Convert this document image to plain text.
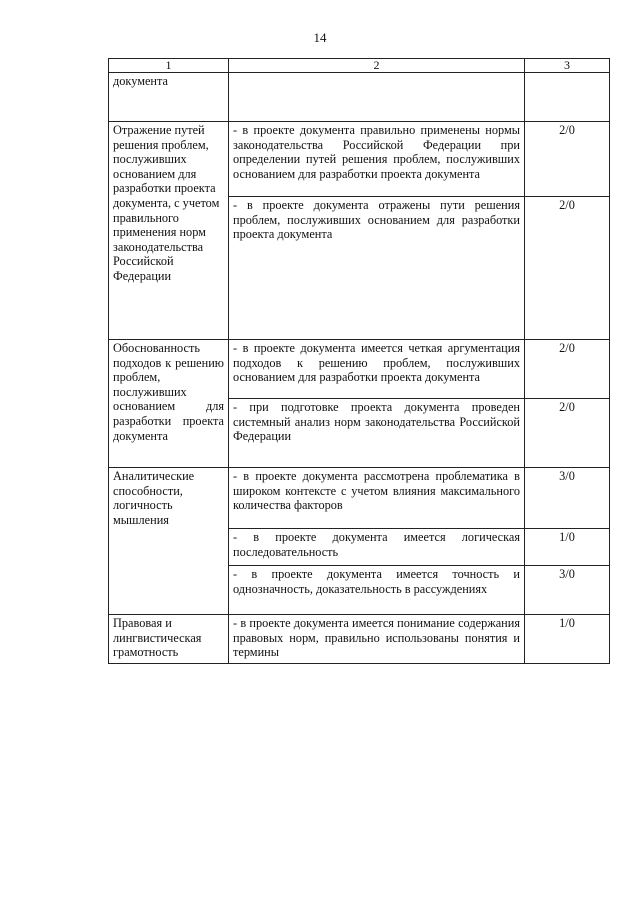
14
1	2	3
документа		
Отражение путей решения проблем, послуживших основанием для разработки проекта документа, с учетом правильного применения норм законодательства Российской Федерации	- в проекте документа правильно применены нормы законодательства Российской Федерации при определении путей решения проблем, послуживших основанием для разработки проекта документа	2/0
	- в проекте документа отражены пути решения проблем, послуживших основанием для разработки проекта документа	2/0
Обоснованность подходов к решению проблем, послуживших основанием для разработки проекта документа	- в проекте документа имеется четкая аргументация подходов к решению проблем, послуживших основанием для разработки проекта документа	2/0
	- при подготовке проекта документа проведен системный анализ норм законодательства Российской Федерации	2/0
Аналитические способности, логичность мышления	- в проекте документа рассмотрена проблематика в широком контексте с учетом влияния максимального количества факторов	3/0
	- в проекте документа имеется логическая последовательность	1/0
	- в проекте документа имеется точность и однозначность, доказательность в рассуждениях	3/0
Правовая и лингвистическая грамотность	- в проекте документа имеется понимание содержания правовых норм, правильно использованы понятия и термины	1/0
